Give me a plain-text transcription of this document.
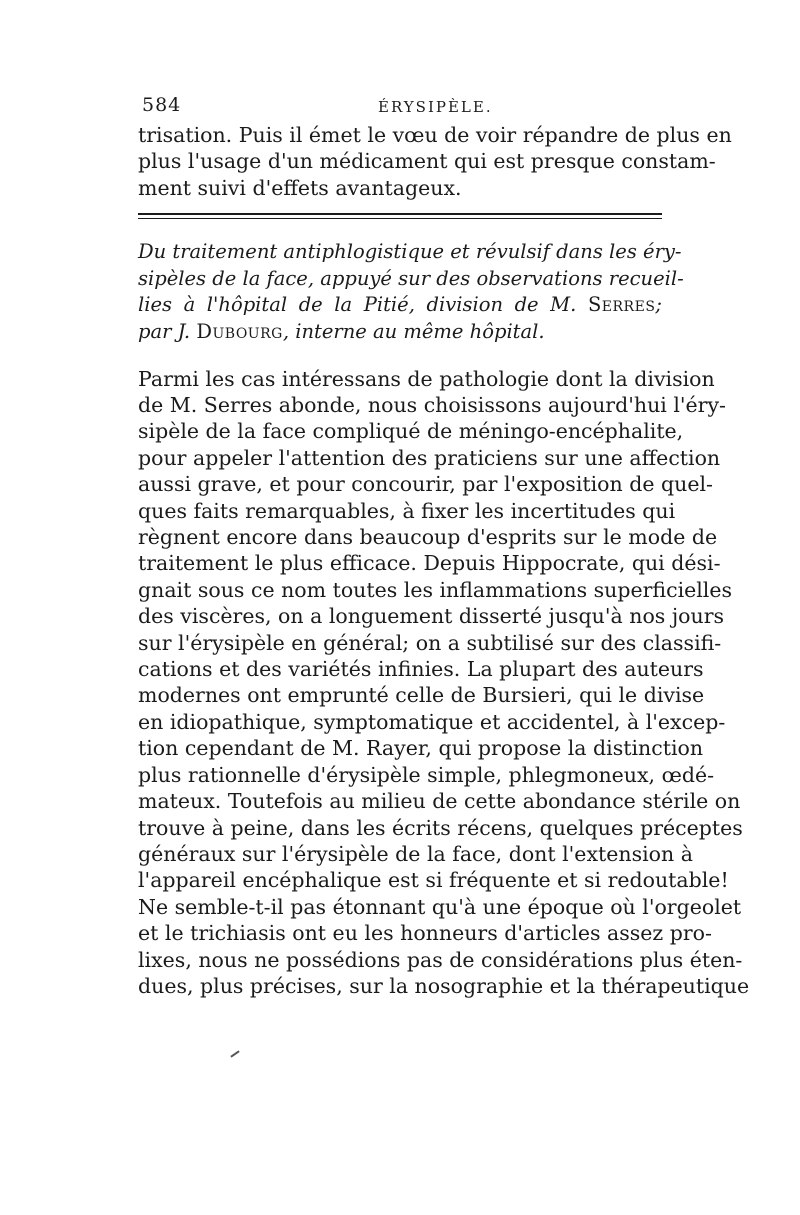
584	ÉRYSIPÈLE.

trisation. Puis il émet le vœu de voir répandre de plus en
plus l'usage d'un médicament qui est presque constam-
ment suivi d'effets avantageux.

Du traitement antiphlogistique et révulsif dans les éry-
sipèles de la face, appuyé sur des observations recueil-
lies à l'hôpital de la Pitié, division de M. Serres;
par J. Dubourg, interne au même hôpital.

Parmi les cas intéressans de pathologie dont la division
de M. Serres abonde, nous choisissons aujourd'hui l'éry-
sipèle de la face compliqué de méningo-encéphalite,
pour appeler l'attention des praticiens sur une affection
aussi grave, et pour concourir, par l'exposition de quel-
ques faits remarquables, à fixer les incertitudes qui
règnent encore dans beaucoup d'esprits sur le mode de
traitement le plus efficace. Depuis Hippocrate, qui dési-
gnait sous ce nom toutes les inflammations superficielles
des viscères, on a longuement disserté jusqu'à nos jours
sur l'érysipèle en général; on a subtilisé sur des classifi-
cations et des variétés infinies. La plupart des auteurs
modernes ont emprunté celle de Bursieri, qui le divise
en idiopathique, symptomatique et accidentel, à l'excep-
tion cependant de M. Rayer, qui propose la distinction
plus rationnelle d'érysipèle simple, phlegmoneux, œdé-
mateux. Toutefois au milieu de cette abondance stérile on
trouve à peine, dans les écrits récens, quelques préceptes
généraux sur l'érysipèle de la face, dont l'extension à
l'appareil encéphalique est si fréquente et si redoutable!
Ne semble-t-il pas étonnant qu'à une époque où l'orgeolet
et le trichiasis ont eu les honneurs d'articles assez pro-
lixes, nous ne possédions pas de considérations plus éten-
dues, plus précises, sur la nosographie et la thérapeutique
